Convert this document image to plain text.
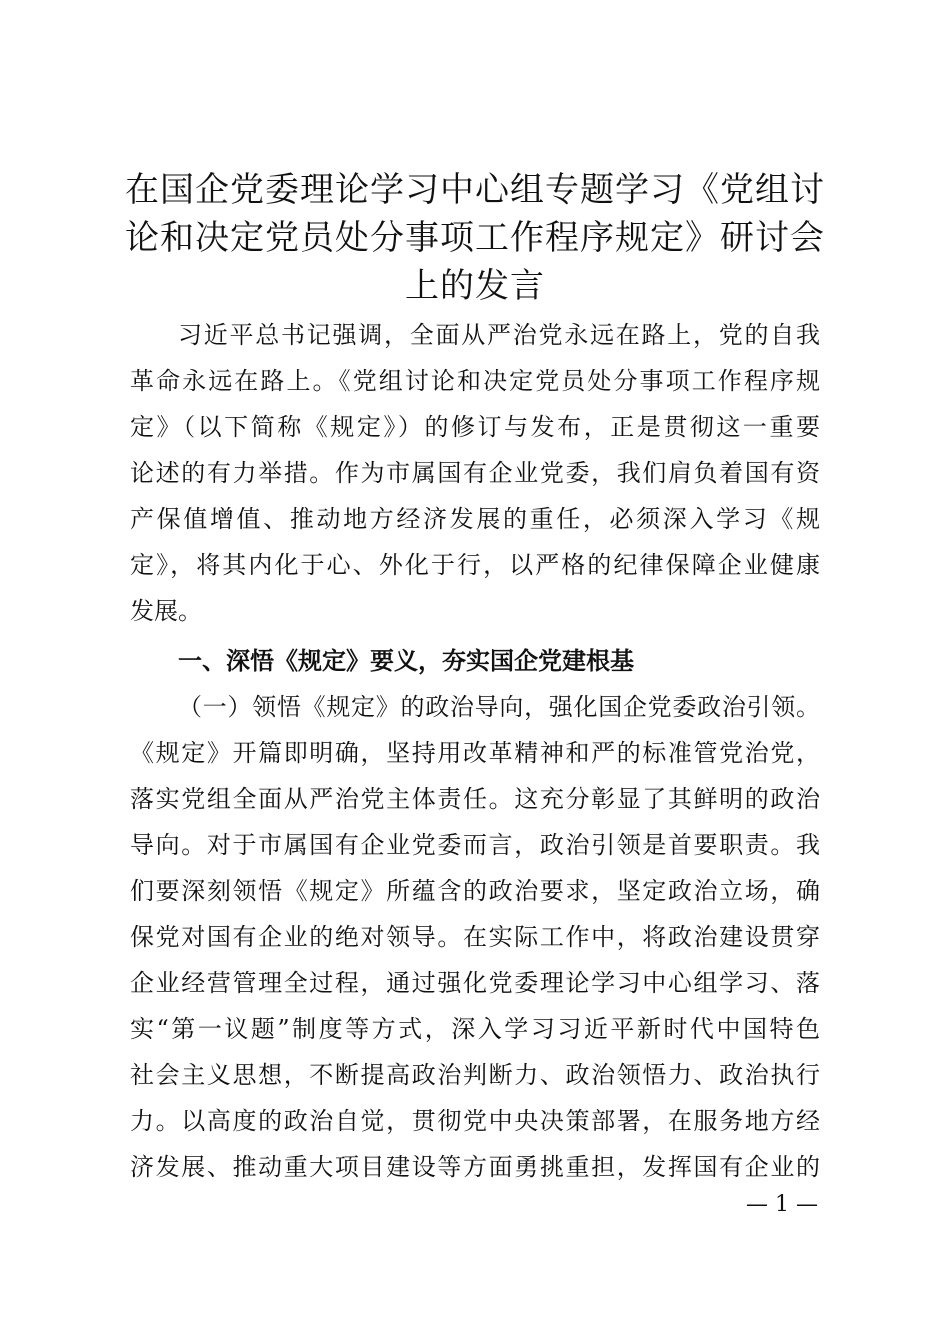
在国企党委理论学习中心组专题学习《党组讨
论和决定党员处分事项工作程序规定》研讨会
上的发言
习近平总书记强调，全面从严治党永远在路上，党的自我
革命永远在路上。《党组讨论和决定党员处分事项工作程序规
定》（以下简称《规定》）的修订与发布，正是贯彻这一重要
论述的有力举措。作为市属国有企业党委，我们肩负着国有资
产保值增值、推动地方经济发展的重任，必须深入学习《规
定》，将其内化于心、外化于行，以严格的纪律保障企业健康
发展。
一、深悟《规定》要义，夯实国企党建根基
（一）领悟《规定》的政治导向，强化国企党委政治引领。
《规定》开篇即明确，坚持用改革精神和严的标准管党治党，
落实党组全面从严治党主体责任。这充分彰显了其鲜明的政治
导向。对于市属国有企业党委而言，政治引领是首要职责。我
们要深刻领悟《规定》所蕴含的政治要求，坚定政治立场，确
保党对国有企业的绝对领导。在实际工作中，将政治建设贯穿
企业经营管理全过程，通过强化党委理论学习中心组学习、落
实“第一议题”制度等方式，深入学习习近平新时代中国特色
社会主义思想，不断提高政治判断力、政治领悟力、政治执行
力。以高度的政治自觉，贯彻党中央决策部署，在服务地方经
济发展、推动重大项目建设等方面勇挑重担，发挥国有企业的
— 1 —
